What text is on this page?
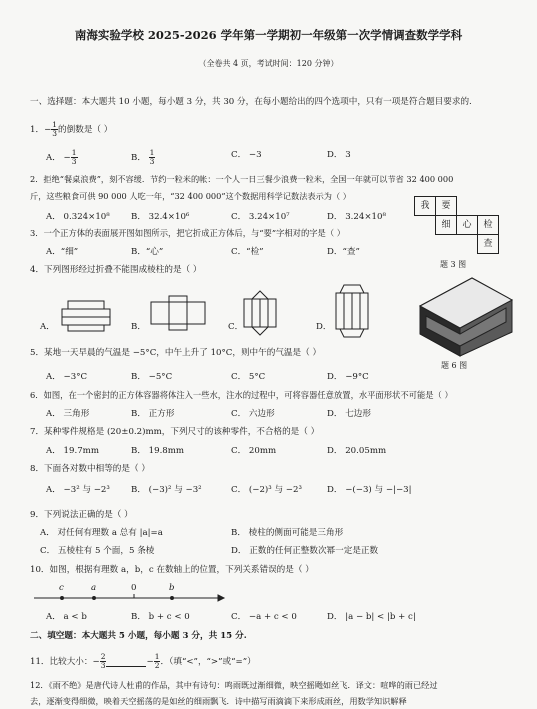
南海实验学校 2025-2026 学年第一学期初一年级第一次学情调查数学学科
（全卷共 4 页，考试时间：120 分钟）
一、选择题：本大题共 10 小题，每小题 3 分，共 30 分，在每小题给出的四个选项中，只有一项是符合题目要求的.
1．− $\frac{1}{3}$的倒数是（ ）
A． − $\frac{1}{3}$	B． $\frac{1}{3}$	C． −3	D． 3
2．拒绝“餐桌浪费”，刻不容缓．节约一粒米的帐：一个人一日三餐少浪费一粒米，全国一年就可以节省 32 400 000
斤，这些粮食可供 90 000 人吃一年，“32 400 000”这个数据用科学记数法表示为（ ）
A． 0.324×10⁸ B． 32.4×10⁶	C． 3.24×10⁷	D． 3.24×10⁸
3．一个正方体的表面展开图如图所示，把它折成正方体后，与“要”字相对的字是（ ）
A．“细”	B．“心”	C．“检”	D．“查”
我	要
细	心	检
查
题 3 图
4．下列图形经过折叠不能围成棱柱的是（ ）
A．	B．	C．	D．
题 6 图
5．某地一天早晨的气温是 −5°C，中午上升了 10°C，则中午的气温是（ ）
A． −3°C	B． −5°C	C． 5°C	D． −9°C
6．如图，在一个密封的正方体容器将体注入一些水，注水的过程中，可将容器任意放置，水平面形状不可能是（ ）
A． 三角形	B． 正方形	C． 六边形	D． 七边形
7．某种零件规格是 (20±0.2)mm，下列尺寸的该种零件，不合格的是（ ）
A． 19.7mm	B． 19.8mm	C． 20mm	D． 20.05mm
8．下面各对数中相等的是（ ）
A． −3² 与 −2³ B． (−3)² 与 −3²	C． (−2)³ 与 −2³	D． −(−3) 与 −|−3|
9．下列说法正确的是（ ）
A． 对任何有理数 a 总有 |a|=a	B． 棱柱的侧面可能是三角形
C． 五棱柱有 5 个面，5 条棱	D． 正数的任何正整数次幂一定是正数
10．如图，根据有理数 a，b，c 在数轴上的位置，下列关系错误的是（ ）
c	a	0	b
A． a < b	B． b + c < 0	C． −a + c < 0	D． |a − b| < |b + c|
二、填空题：本大题共 5 小题，每小题 3 分，共 15 分.
11．比较大小：− $\frac{2}{3}$	− $\frac{1}{2}$．（填“<”，“>”或“=”）
12．《雨不绝》是唐代诗人杜甫的作品，其中有诗句：鸣雨既过渐细微，映空摇飏如丝飞．译文：喧哗的雨已经过
去，逐渐变得细微，映着天空摇荡的是如丝的细雨飘飞．诗中描写雨滴滴下来形成雨丝，用数学知识解释
